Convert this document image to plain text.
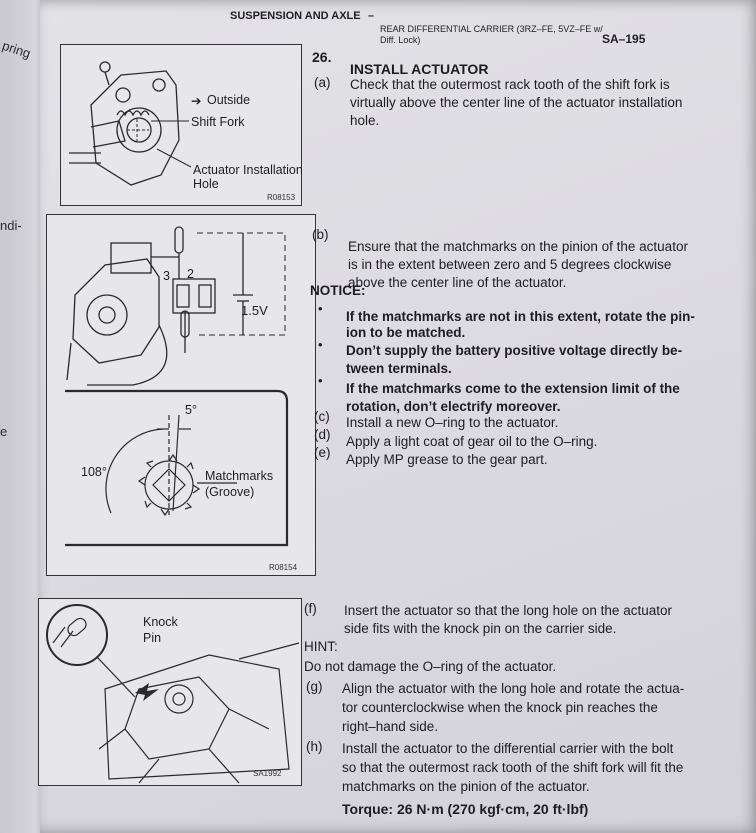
pring
ndi-
e
SUSPENSION AND AXLE –
REAR DIFFERENTIAL CARRIER (3RZ–FE, 5VZ–FE w/
Diff. Lock)	SA–195
➔ Outside
Shift Fork
Actuator Installation
Hole
R08153
26.
INSTALL ACTUATOR
(a) Check that the outermost rack tooth of the shift fork is
virtually above the center line of the actuator installation
hole.
3 2
1.5V
5°
108°	Matchmarks
(Groove)
R08154
(b)
Ensure that the matchmarks on the pinion of the actuator
is in the extent between zero and 5 degrees clockwise
above the center line of the actuator.
NOTICE:
•
If the matchmarks are not in this extent, rotate the pin-
ion to be matched.
• Don’t supply the battery positive voltage directly be-
tween terminals.
•
If the matchmarks come to the extension limit of the
rotation, don’t electrify moreover.
(c) Install a new O–ring to the actuator.
(d) Apply a light coat of gear oil to the O–ring.
(e) Apply MP grease to the gear part.
Knock
Pin
SA1992
(f) Insert the actuator so that the long hole on the actuator
side fits with the knock pin on the carrier side.
HINT:
Do not damage the O–ring of the actuator.
(g) Align the actuator with the long hole and rotate the actua-
tor counterclockwise when the knock pin reaches the
right–hand side.
(h) Install the actuator to the differential carrier with the bolt
so that the outermost rack tooth of the shift fork will fit the
matchmarks on the pinion of the actuator.
Torque: 26 N·m (270 kgf·cm, 20 ft·lbf)
